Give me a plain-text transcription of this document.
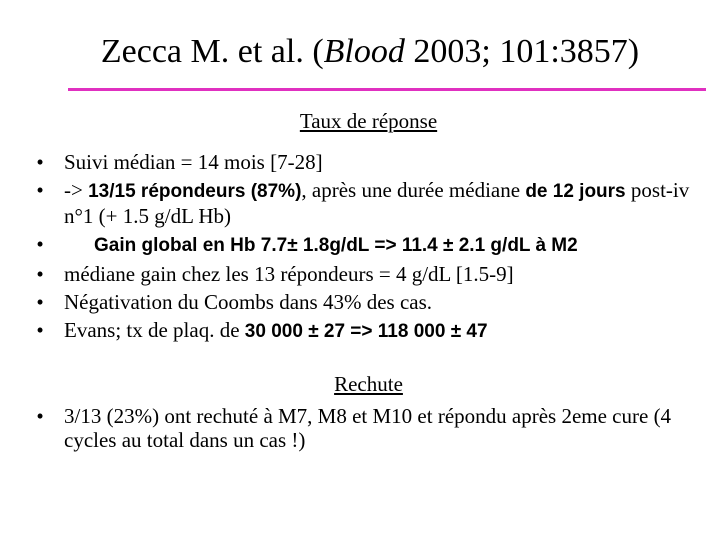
Zecca M. et al. (Blood 2003; 101:3857)
Taux de réponse
• Suivi médian = 14 mois [7-28]
• -> 13/15 répondeurs (87%), après une durée médiane de 12 jours post-iv n°1 (+ 1.5 g/dL Hb)
•	Gain global en Hb 7.7± 1.8g/dL => 11.4 ± 2.1 g/dL à M2
• médiane gain chez les 13 répondeurs = 4 g/dL [1.5-9]
• Négativation du Coombs dans 43% des cas.
• Evans; tx de plaq. de 30 000 ± 27 => 118 000 ± 47
Rechute
• 3/13 (23%) ont rechuté à M7, M8 et M10 et répondu après 2eme cure (4 cycles au total dans un cas !)
